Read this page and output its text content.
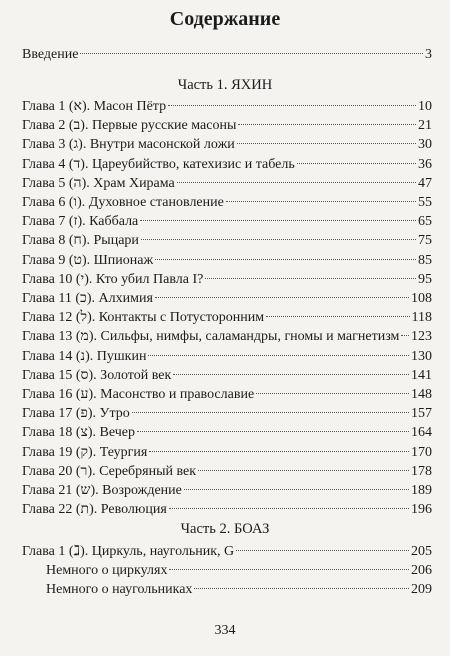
Содержание
Введение	3
Часть 1. ЯХИН
Глава 1 (א). Масон Пётр	10
Глава 2 (ב). Первые русские масоны	21
Глава 3 (ג). Внутри масонской ложи	30
Глава 4 (ד). Цареубийство, катехизис и табель	36
Глава 5 (ה). Храм Хирама	47
Глава 6 (ו). Духовное становление	55
Глава 7 (ז). Каббала	65
Глава 8 (ח). Рыцари	75
Глава 9 (ט). Шпионаж	85
Глава 10 (י). Кто убил Павла I?	95
Глава 11 (כ). Алхимия	108
Глава 12 (ל). Контакты с Потусторонним	118
Глава 13 (מ). Сильфы, нимфы, саламандры, гномы и магнетизм 123
Глава 14 (נ). Пушкин	130
Глава 15 (ס). Золотой век	141
Глава 16 (ע). Масонство и православие	148
Глава 17 (פ). Утро	157
Глава 18 (צ). Вечер	164
Глава 19 (ק). Теургия	170
Глава 20 (ר). Серебряный век	178
Глава 21 (ש). Возрождение	189
Глава 22 (ת). Революция	196
Часть 2. БОАЗ
Глава 1 (ℷ). Циркуль, наугольник, G	205
Немного о циркулях	206
Немного о наугольниках	209
334
